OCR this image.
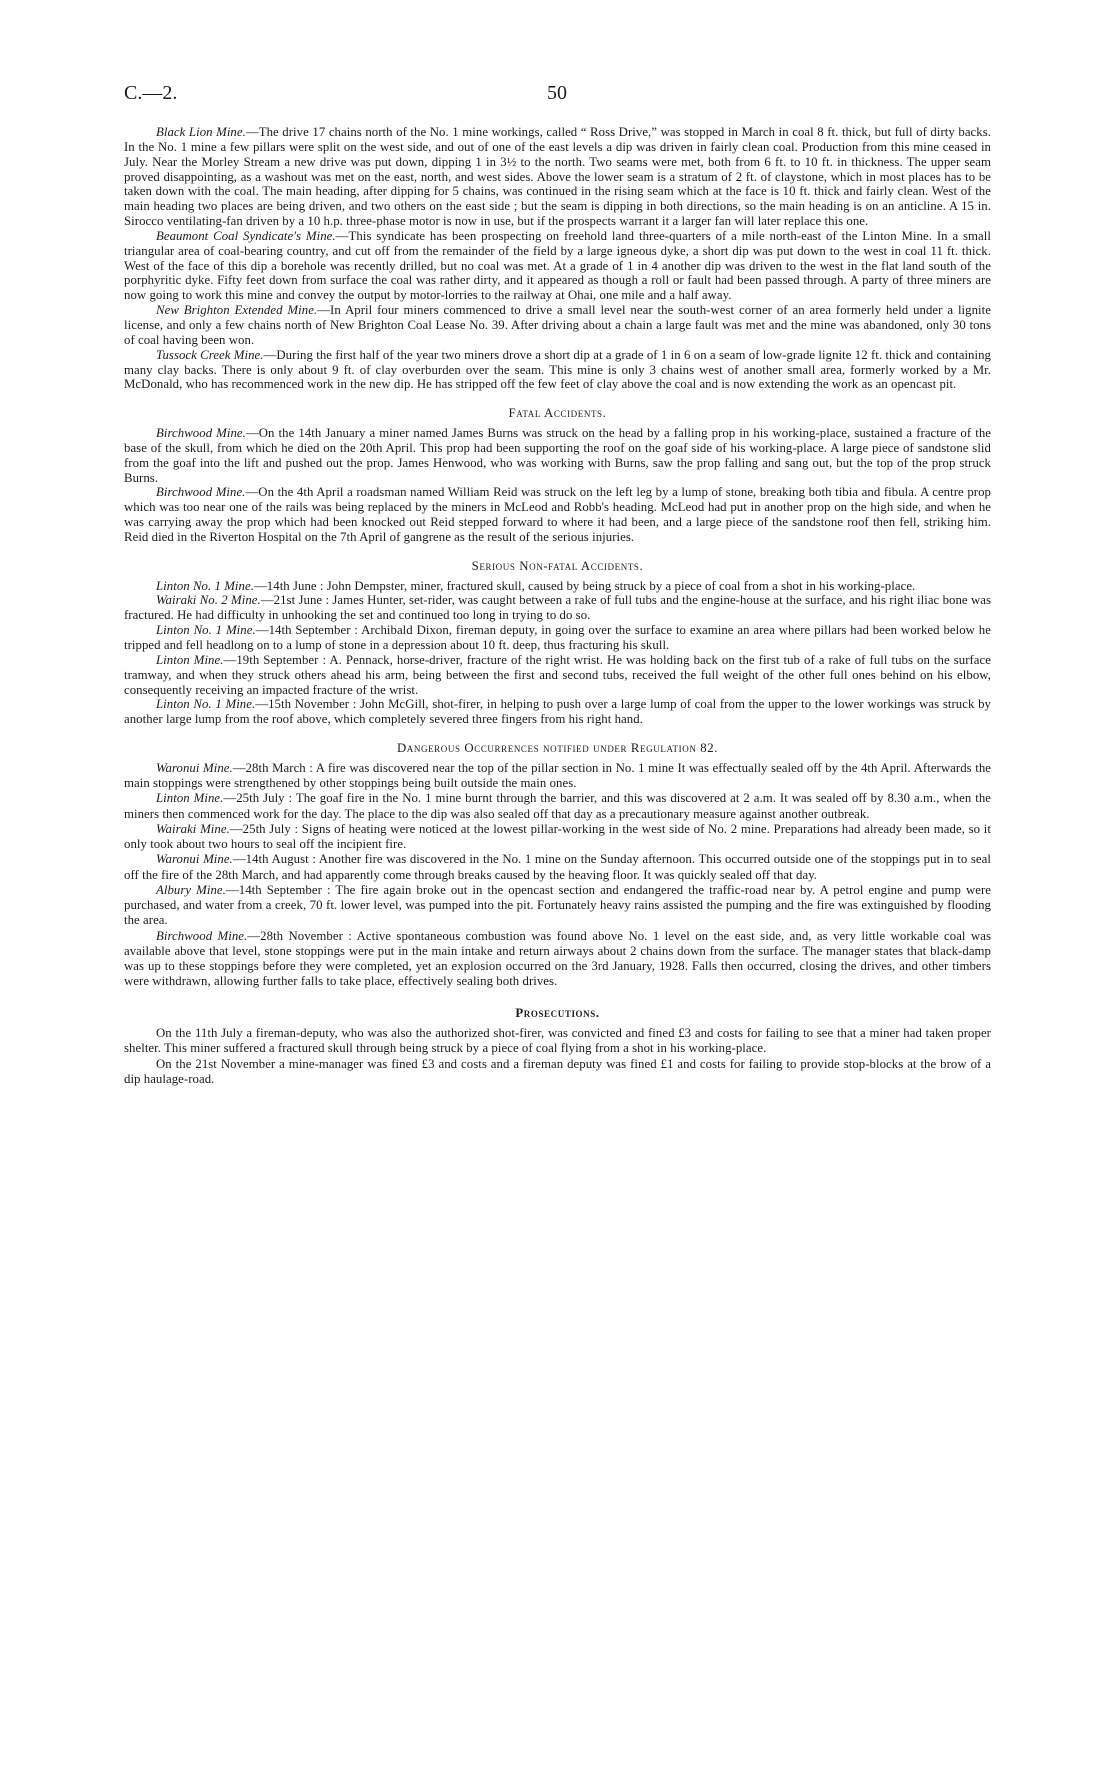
C.—2.	50

Black Lion Mine.—The drive 17 chains north of the No. 1 mine workings, called “ Ross Drive,” was stopped in March in coal 8 ft. thick, but full of dirty backs. In the No. 1 mine a few pillars were split on the west side, and out of one of the east levels a dip was driven in fairly clean coal. Production from this mine ceased in July. Near the Morley Stream a new drive was put down, dipping 1 in 3½ to the north. Two seams were met, both from 6 ft. to 10 ft. in thickness. The upper seam proved disappointing, as a washout was met on the east, north, and west sides. Above the lower seam is a stratum of 2 ft. of claystone, which in most places has to be taken down with the coal. The main heading, after dipping for 5 chains, was continued in the rising seam which at the face is 10 ft. thick and fairly clean. West of the main heading two places are being driven, and two others on the east side ; but the seam is dipping in both directions, so the main heading is on an anticline. A 15 in. Sirocco ventilating-fan driven by a 10 h.p. three-phase motor is now in use, but if the prospects warrant it a larger fan will later replace this one.

Beaumont Coal Syndicate's Mine.—This syndicate has been prospecting on freehold land three-quarters of a mile north-east of the Linton Mine. In a small triangular area of coal-bearing country, and cut off from the remainder of the field by a large igneous dyke, a short dip was put down to the west in coal 11 ft. thick. West of the face of this dip a borehole was recently drilled, but no coal was met. At a grade of 1 in 4 another dip was driven to the west in the flat land south of the porphyritic dyke. Fifty feet down from surface the coal was rather dirty, and it appeared as though a roll or fault had been passed through. A party of three miners are now going to work this mine and convey the output by motor-lorries to the railway at Ohai, one mile and a half away.

New Brighton Extended Mine.—In April four miners commenced to drive a small level near the south-west corner of an area formerly held under a lignite license, and only a few chains north of New Brighton Coal Lease No. 39. After driving about a chain a large fault was met and the mine was abandoned, only 30 tons of coal having been won.

Tussock Creek Mine.—During the first half of the year two miners drove a short dip at a grade of 1 in 6 on a seam of low-grade lignite 12 ft. thick and containing many clay backs. There is only about 9 ft. of clay overburden over the seam. This mine is only 3 chains west of another small area, formerly worked by a Mr. McDonald, who has recommenced work in the new dip. He has stripped off the few feet of clay above the coal and is now extending the work as an opencast pit.

Fatal Accidents.

Birchwood Mine.—On the 14th January a miner named James Burns was struck on the head by a falling prop in his working-place, sustained a fracture of the base of the skull, from which he died on the 20th April. This prop had been supporting the roof on the goaf side of his working-place. A large piece of sandstone slid from the goaf into the lift and pushed out the prop. James Henwood, who was working with Burns, saw the prop falling and sang out, but the top of the prop struck Burns.

Birchwood Mine.—On the 4th April a roadsman named William Reid was struck on the left leg by a lump of stone, breaking both tibia and fibula. A centre prop which was too near one of the rails was being replaced by the miners in McLeod and Robb's heading. McLeod had put in another prop on the high side, and when he was carrying away the prop which had been knocked out Reid stepped forward to where it had been, and a large piece of the sandstone roof then fell, striking him. Reid died in the Riverton Hospital on the 7th April of gangrene as the result of the serious injuries.

Serious Non-fatal Accidents.

Linton No. 1 Mine.—14th June : John Dempster, miner, fractured skull, caused by being struck by a piece of coal from a shot in his working-place.

Wairaki No. 2 Mine.—21st June : James Hunter, set-rider, was caught between a rake of full tubs and the engine-house at the surface, and his right iliac bone was fractured. He had difficulty in unhooking the set and continued too long in trying to do so.

Linton No. 1 Mine.—14th September : Archibald Dixon, fireman deputy, in going over the surface to examine an area where pillars had been worked below he tripped and fell headlong on to a lump of stone in a depression about 10 ft. deep, thus fracturing his skull.

Linton Mine.—19th September : A. Pennack, horse-driver, fracture of the right wrist. He was holding back on the first tub of a rake of full tubs on the surface tramway, and when they struck others ahead his arm, being between the first and second tubs, received the full weight of the other full ones behind on his elbow, consequently receiving an impacted fracture of the wrist.

Linton No. 1 Mine.—15th November : John McGill, shot-firer, in helping to push over a large lump of coal from the upper to the lower workings was struck by another large lump from the roof above, which completely severed three fingers from his right hand.

Dangerous Occurrences notified under Regulation 82.

Waronui Mine.—28th March : A fire was discovered near the top of the pillar section in No. 1 mine It was effectually sealed off by the 4th April. Afterwards the main stoppings were strengthened by other stoppings being built outside the main ones.

Linton Mine.—25th July : The goaf fire in the No. 1 mine burnt through the barrier, and this was discovered at 2 a.m. It was sealed off by 8.30 a.m., when the miners then commenced work for the day. The place to the dip was also sealed off that day as a precautionary measure against another outbreak.

Wairaki Mine.—25th July : Signs of heating were noticed at the lowest pillar-working in the west side of No. 2 mine. Preparations had already been made, so it only took about two hours to seal off the incipient fire.

Waronui Mine.—14th August : Another fire was discovered in the No. 1 mine on the Sunday afternoon. This occurred outside one of the stoppings put in to seal off the fire of the 28th March, and had apparently come through breaks caused by the heaving floor. It was quickly sealed off that day.

Albury Mine.—14th September : The fire again broke out in the opencast section and endangered the traffic-road near by. A petrol engine and pump were purchased, and water from a creek, 70 ft. lower level, was pumped into the pit. Fortunately heavy rains assisted the pumping and the fire was extinguished by flooding the area.

Birchwood Mine.—28th November : Active spontaneous combustion was found above No. 1 level on the east side, and, as very little workable coal was available above that level, stone stoppings were put in the main intake and return airways about 2 chains down from the surface. The manager states that black-damp was up to these stoppings before they were completed, yet an explosion occurred on the 3rd January, 1928. Falls then occurred, closing the drives, and other timbers were withdrawn, allowing further falls to take place, effectively sealing both drives.

Prosecutions.

On the 11th July a fireman-deputy, who was also the authorized shot-firer, was convicted and fined £3 and costs for failing to see that a miner had taken proper shelter. This miner suffered a fractured skull through being struck by a piece of coal flying from a shot in his working-place.

On the 21st November a mine-manager was fined £3 and costs and a fireman deputy was fined £1 and costs for failing to provide stop-blocks at the brow of a dip haulage-road.
